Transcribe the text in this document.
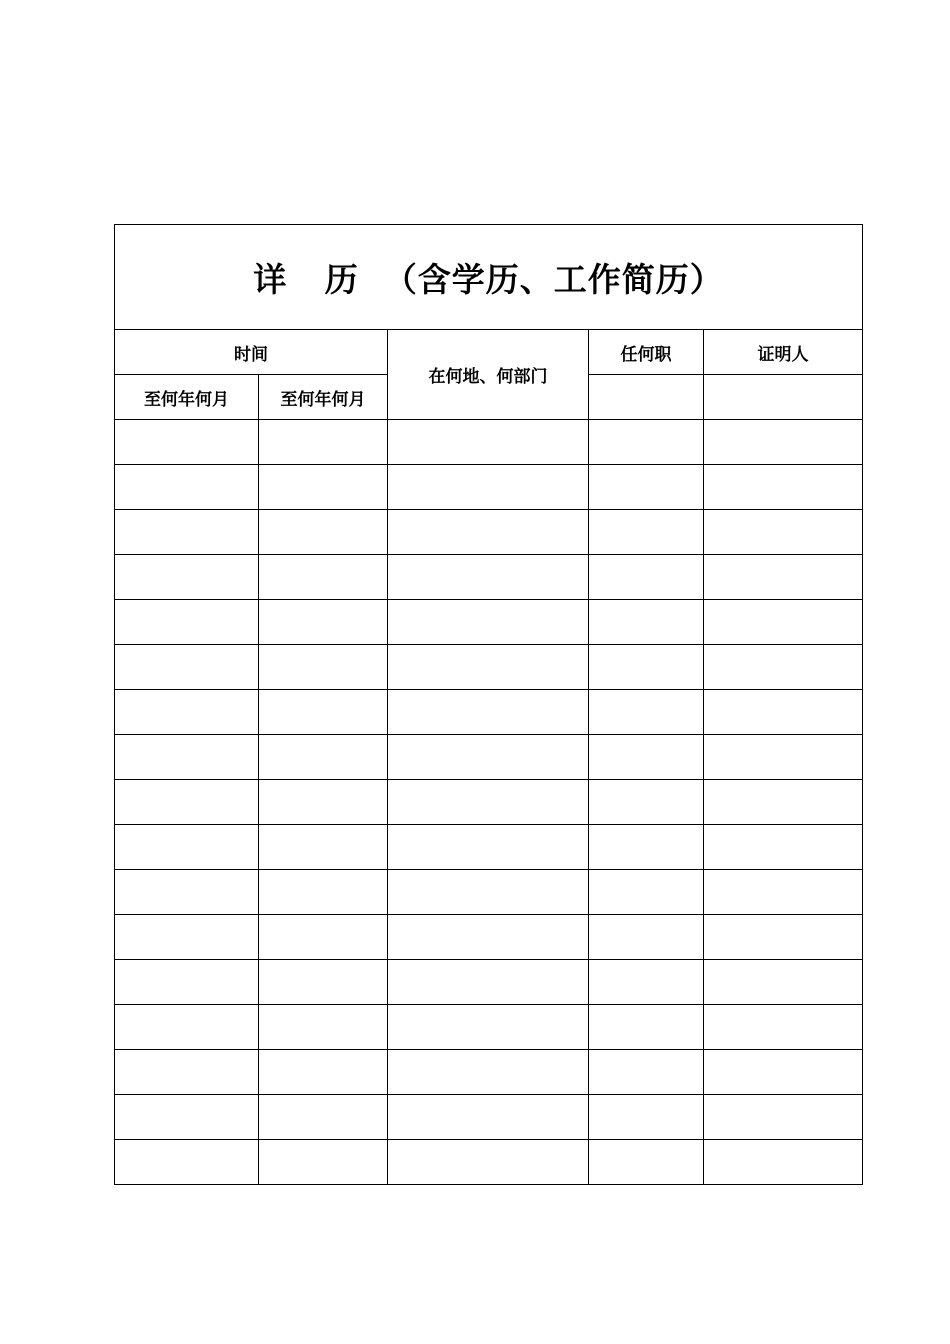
详   历  （含学历、工作简历）				
时间		在何地、何部门	任何职	证明人
至何年何月	至何年何月			
